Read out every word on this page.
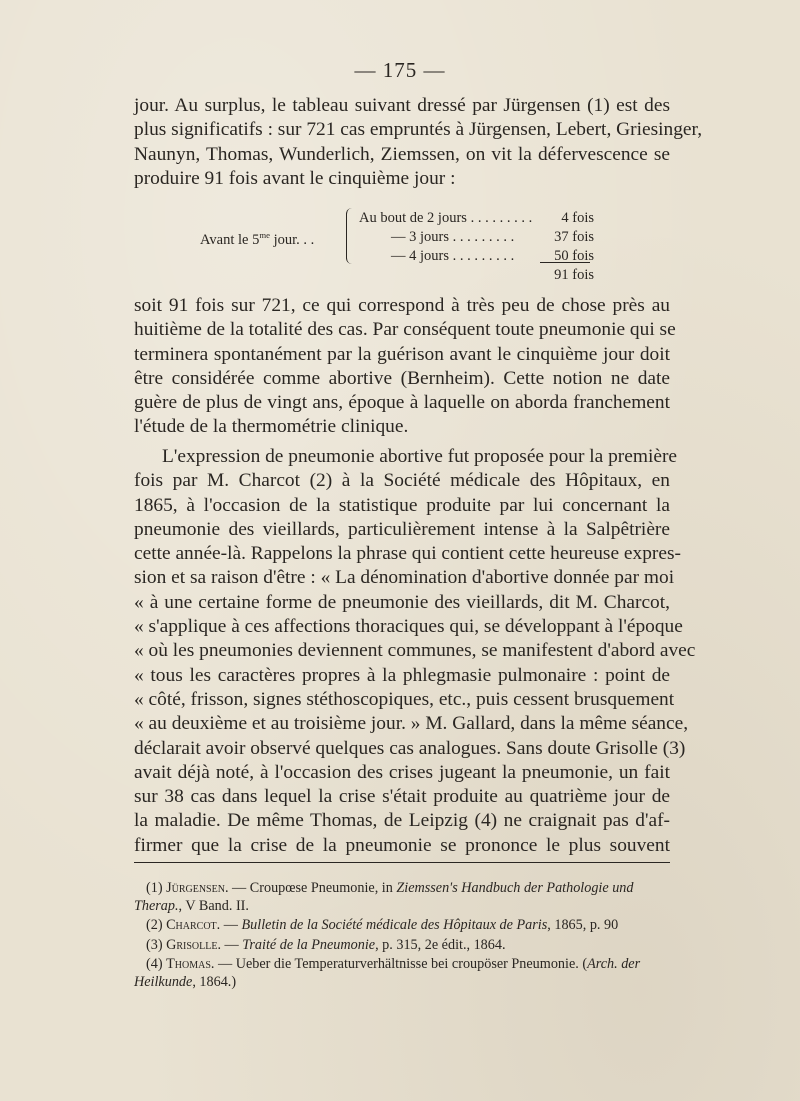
— 175 —
jour. Au surplus, le tableau suivant dressé par Jürgensen (1) est des
plus significatifs : sur 721 cas empruntés à Jürgensen, Lebert, Griesinger,
Naunyn, Thomas, Wunderlich, Ziemssen, on vit la défervescence se
produire 91 fois avant le cinquième jour :
Avant le $5^{me}$ jour. . .
Au bout de 2 jours . . . . . . . . . 4 fois
— 3 jours . . . . . . . . .	37 fois
— 4 jours . . . . . . . . .	50 fois
91 fois
soit 91 fois sur 721, ce qui correspond à très peu de chose près au
huitième de la totalité des cas. Par conséquent toute pneumonie qui se
terminera spontanément par la guérison avant le cinquième jour doit
être considérée comme abortive (Bernheim). Cette notion ne date
guère de plus de vingt ans, époque à laquelle on aborda franchement
l'étude de la thermométrie clinique.
L'expression de pneumonie abortive fut proposée pour la première
fois par M. Charcot (2) à la Société médicale des Hôpitaux, en
1865, à l'occasion de la statistique produite par lui concernant la
pneumonie des vieillards, particulièrement intense à la Salpêtrière
cette année-là. Rappelons la phrase qui contient cette heureuse expres-
sion et sa raison d'être : « La dénomination d'abortive donnée par moi
« à une certaine forme de pneumonie des vieillards, dit M. Charcot,
« s'applique à ces affections thoraciques qui, se développant à l'époque
« où les pneumonies deviennent communes, se manifestent d'abord avec
« tous les caractères propres à la phlegmasie pulmonaire : point de
« côté, frisson, signes stéthoscopiques, etc., puis cessent brusquement
« au deuxième et au troisième jour. » M. Gallard, dans la même séance,
déclarait avoir observé quelques cas analogues. Sans doute Grisolle (3)
avait déjà noté, à l'occasion des crises jugeant la pneumonie, un fait
sur 38 cas dans lequel la crise s'était produite au quatrième jour de
la maladie. De même Thomas, de Leipzig (4) ne craignait pas d'af-
firmer que la crise de la pneumonie se prononce le plus souvent
(1) Jürgensen. — Croupœse Pneumonie, in Ziemssen's Handbuch der Pathologie und
Therap., V Band. II.
(2) Charcot. — Bulletin de la Société médicale des Hôpitaux de Paris, 1865, p. 90
(3) Grisolle. — Traité de la Pneumonie, p. 315, 2e édit., 1864.
(4) Thomas. — Ueber die Temperaturverhältnisse bei croupöser Pneumonie. (Arch. der
Heilkunde, 1864.)
